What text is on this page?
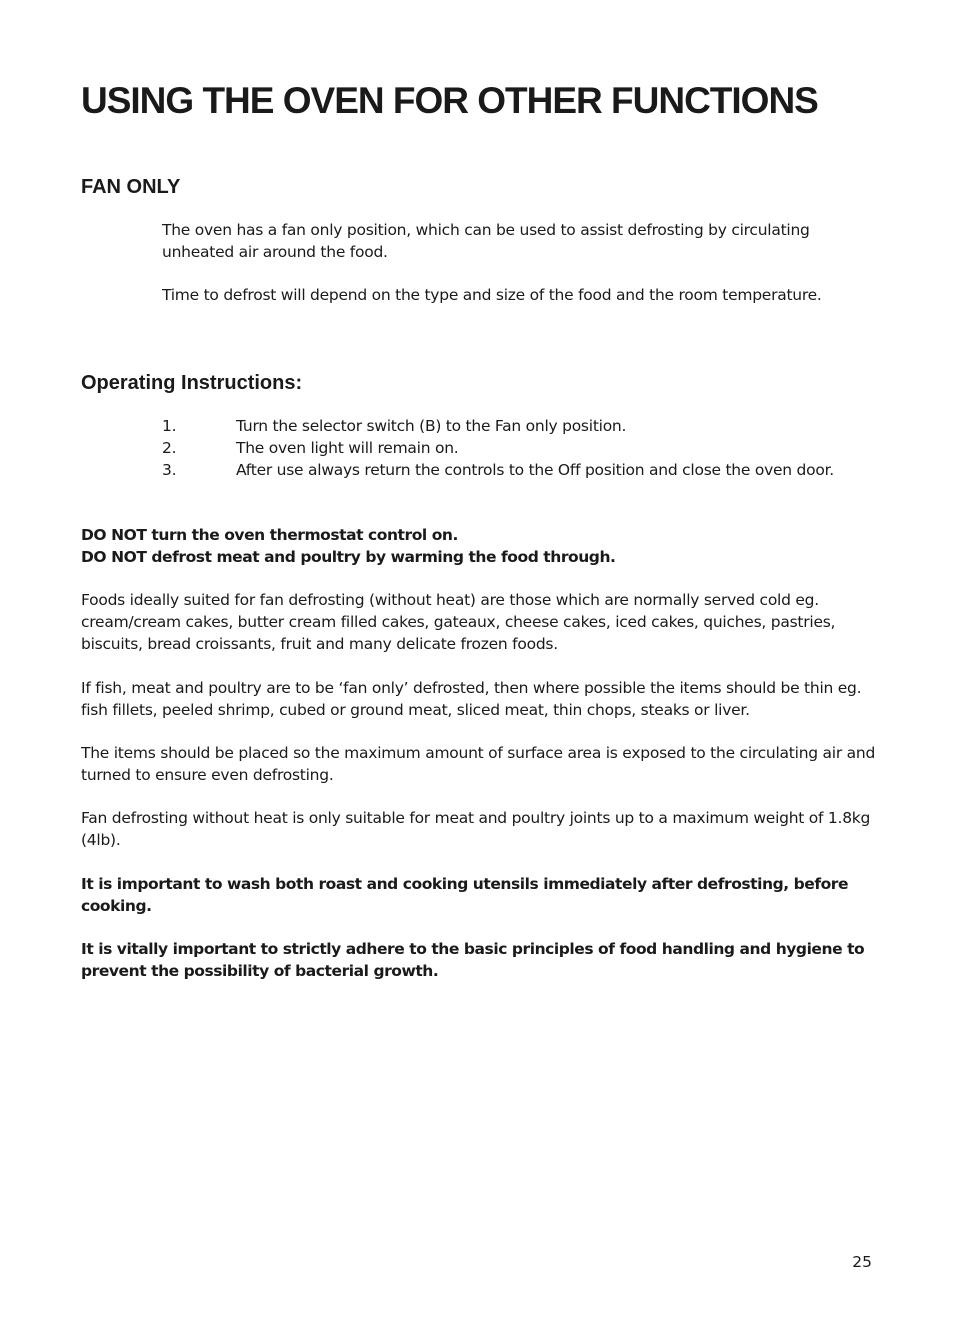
USING THE OVEN FOR OTHER FUNCTIONS
FAN ONLY

The oven has a fan only position, which can be used to assist defrosting by circulating unheated air around the food.

Time to defrost will depend on the type and size of the food and the room temperature.

Operating Instructions:
1.	Turn the selector switch (B) to the Fan only position.
2.	The oven light will remain on.
3.	After use always return the controls to the Off position and close the oven door.

DO NOT turn the oven thermostat control on.

DO NOT defrost meat and poultry by warming the food through.

Foods ideally suited for fan defrosting (without heat) are those which are normally served cold eg. cream/cream cakes, butter cream filled cakes, gateaux, cheese cakes, iced cakes, quiches, pastries, biscuits, bread croissants, fruit and many delicate frozen foods.

If fish, meat and poultry are to be ‘fan only’ defrosted, then where possible the items should be thin eg. fish fillets, peeled shrimp, cubed or ground meat, sliced meat, thin chops, steaks or liver.

The items should be placed so the maximum amount of surface area is exposed to the circulating air and turned to ensure even defrosting.

Fan defrosting without heat is only suitable for meat and poultry joints up to a maximum weight of 1.8kg (4lb).

It is important to wash both roast and cooking utensils immediately after defrosting, before cooking.

It is vitally important to strictly adhere to the basic principles of food handling and hygiene to prevent the possibility of bacterial growth.

25
